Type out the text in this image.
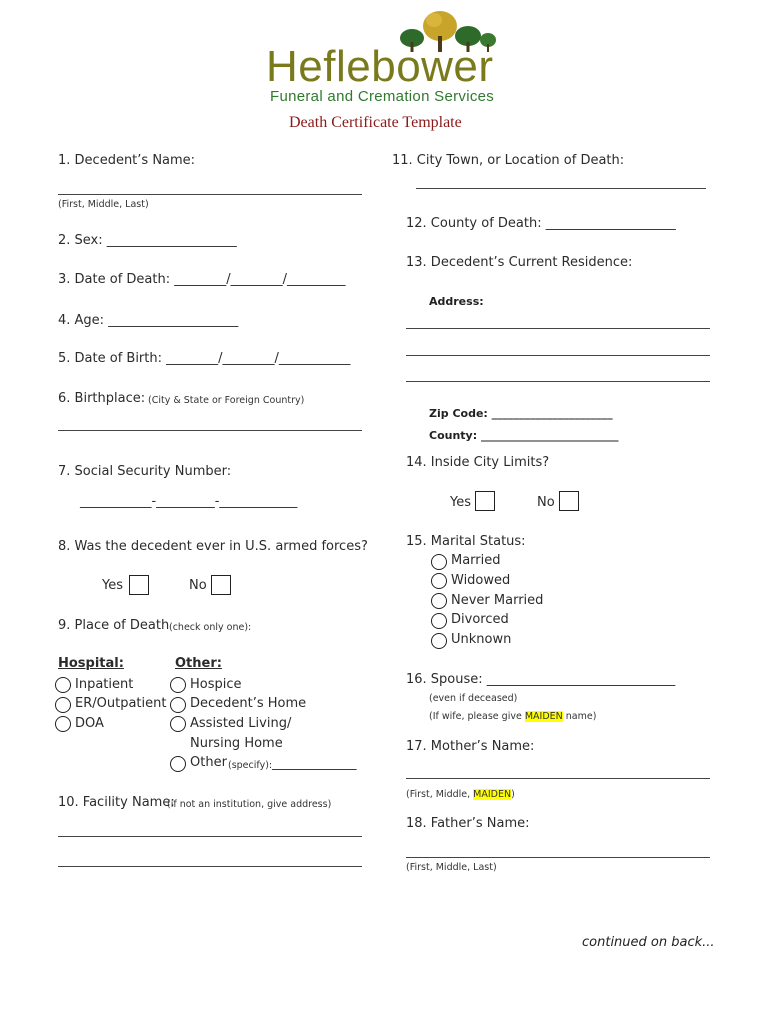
Heflebower
Funeral and Cremation Services
Death Certificate Template
1. Decedent’s Name:
(First, Middle, Last)
2. Sex: ____________________
3. Date of Death: ________/________/_________
4. Age: ____________________
5. Date of Birth: ________/________/___________
6. Birthplace: (City & State or Foreign Country)
7. Social Security Number:
___________-_________-____________
8. Was the decedent ever in U.S. armed forces?
Yes	No
9. Place of Death (check only one):
Hospital:
Inpatient
ER/Outpatient
DOA
Other:
Hospice
Decedent’s Home
Assisted Living/
Nursing Home
Other (specify): _____________
10. Facility Name:
(if not an institution, give address)
11. City Town, or Location of Death:
12. County of Death: ____________________
13. Decedent’s Current Residence:
Address:
Zip Code: ______________________
County: _________________________
14. Inside City Limits?
Yes	No
15. Marital Status:
Married
Widowed
Never Married
Divorced
Unknown
16. Spouse: _____________________________
(even if deceased)
(If wife, please give MAIDEN name)
17. Mother’s Name:
(First, Middle, MAIDEN)
18. Father’s Name:
(First, Middle, Last)
continued on back...
